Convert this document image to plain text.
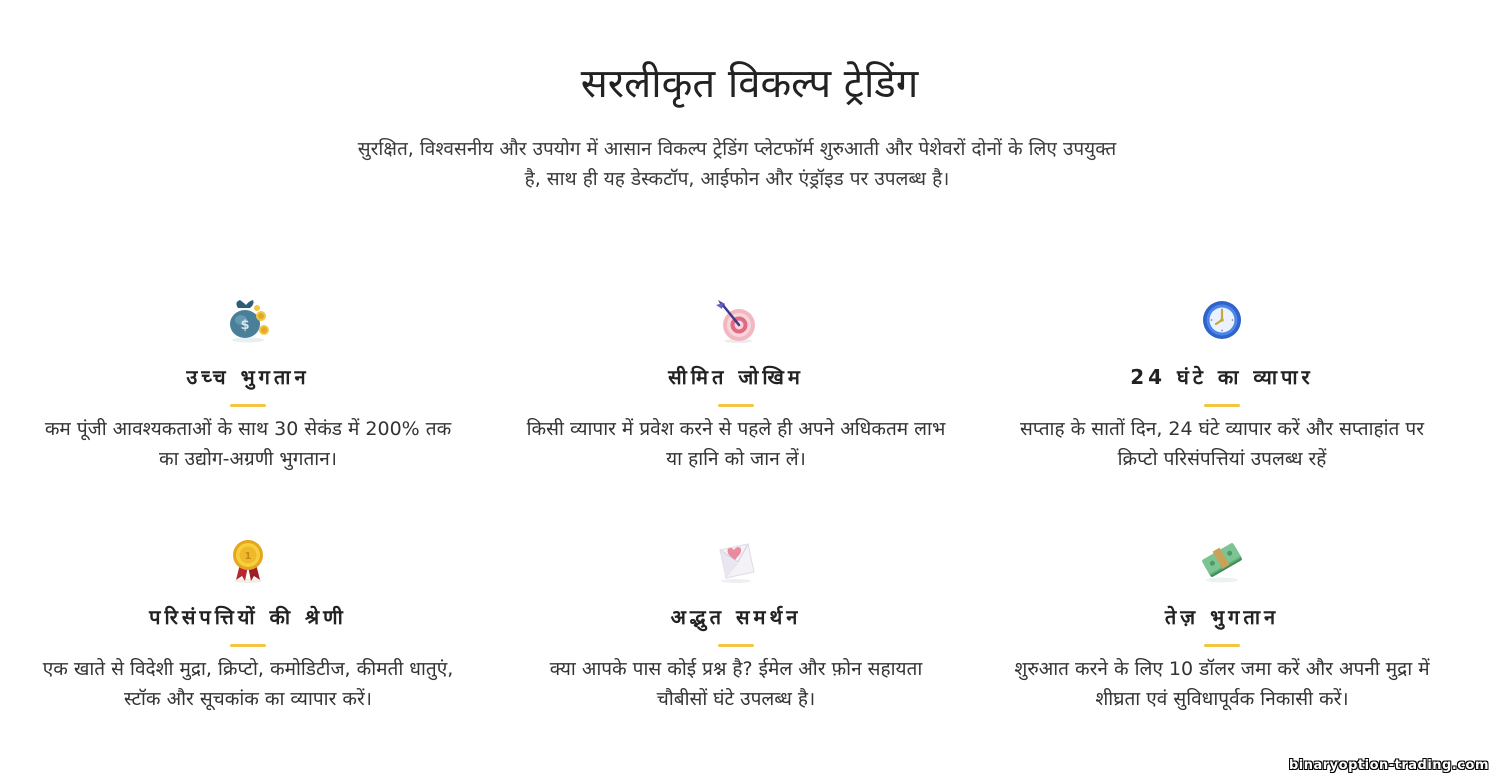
सरलीकृत विकल्प ट्रेडिंग

सुरक्षित, विश्वसनीय और उपयोग में आसान विकल्प ट्रेडिंग प्लेटफॉर्म शुरुआती और पेशेवरों दोनों के लिए उपयुक्त है, साथ ही यह डेस्कटॉप, आईफोन और एंड्रॉइड पर उपलब्ध है।

$
उच्च भुगतान

कम पूंजी आवश्यकताओं के साथ 30 सेकंड में 200% तक का उद्योग-अग्रणी भुगतान।

सीमित जोखिम

किसी व्यापार में प्रवेश करने से पहले ही अपने अधिकतम लाभ या हानि को जान लें।

24 घंटे का व्यापार

सप्ताह के सातों दिन, 24 घंटे व्यापार करें और सप्ताहांत पर क्रिप्टो परिसंपत्तियां उपलब्ध रहें

1
परिसंपत्तियों की श्रेणी

एक खाते से विदेशी मुद्रा, क्रिप्टो, कमोडिटीज, कीमती धातुएं, स्टॉक और सूचकांक का व्यापार करें।

अद्भुत समर्थन

क्या आपके पास कोई प्रश्न है? ईमेल और फ़ोन सहायता चौबीसों घंटे उपलब्ध है।

तेज़ भुगतान

शुरुआत करने के लिए 10 डॉलर जमा करें और अपनी मुद्रा में शीघ्रता एवं सुविधापूर्वक निकासी करें।

binaryoption-trading.com
